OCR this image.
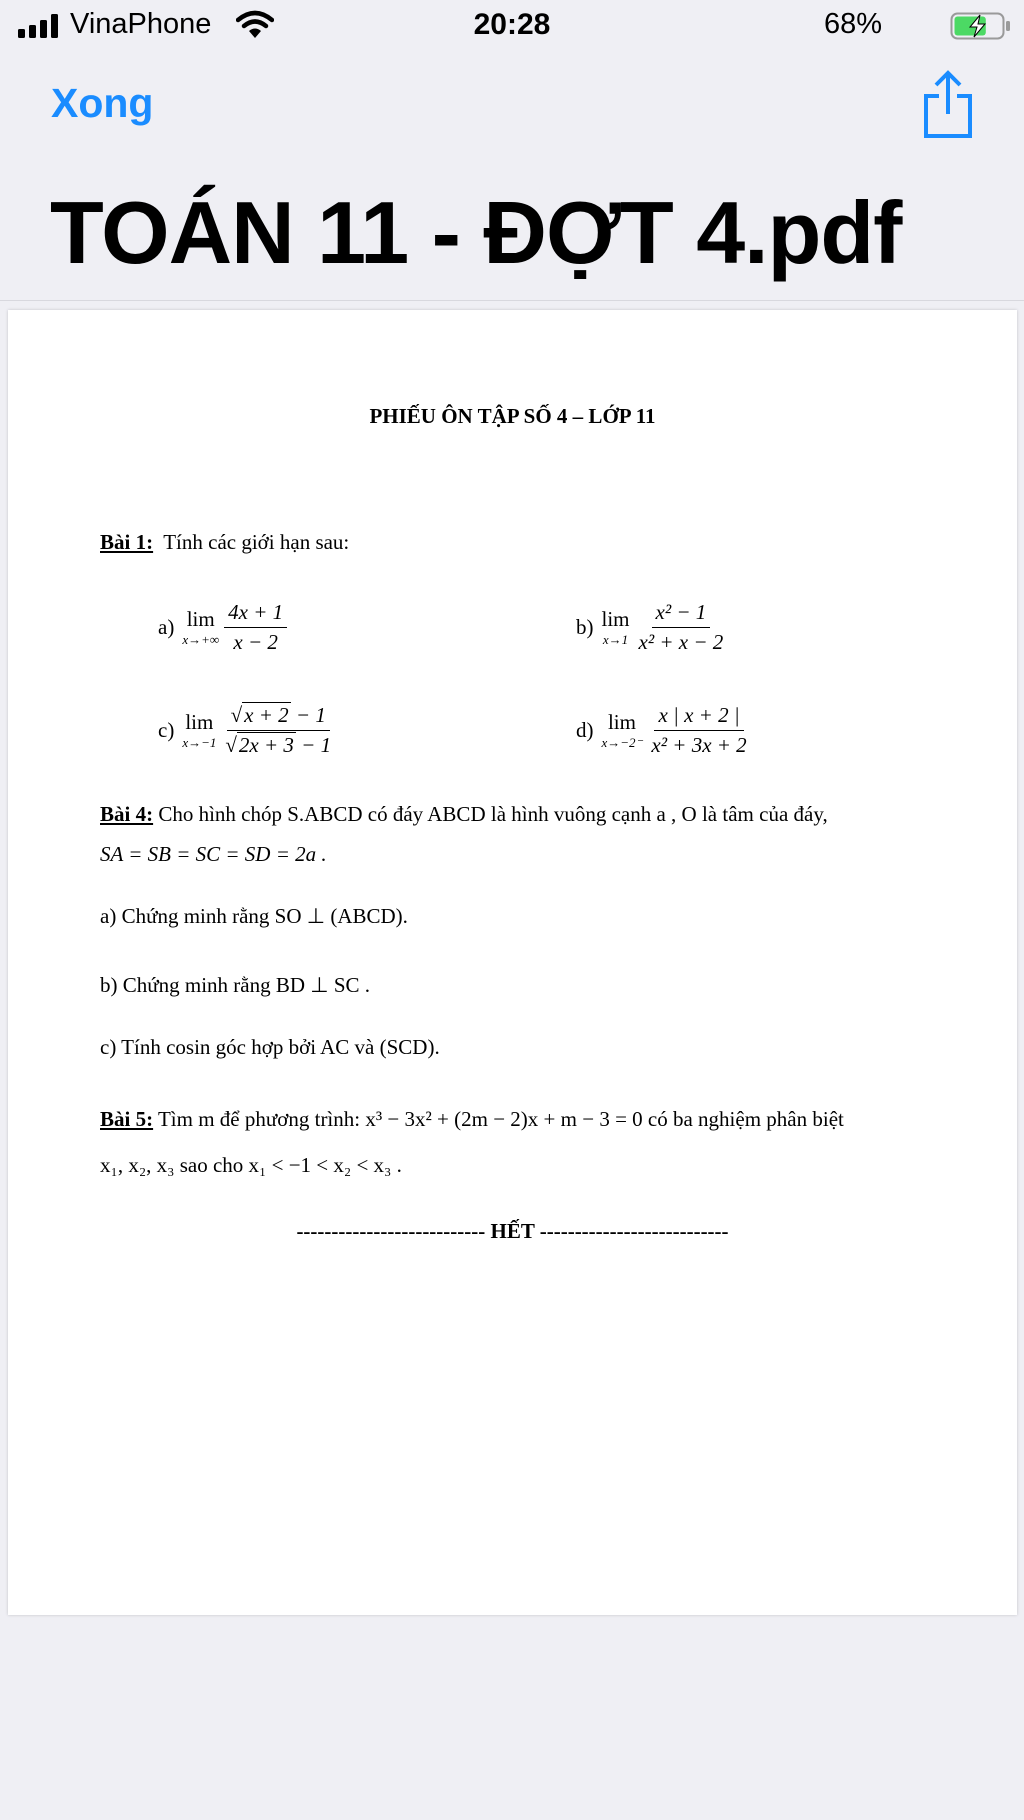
VinaPhone	20:28	68%
Xong
TOÁN 11 - ĐỢT 4.pdf
PHIẾU ÔN TẬP SỐ 4 – LỚP 11
Bài 1: Tính các giới hạn sau:
a) lim
$x\to+\infty \frac{4x + 1}{x - 2}$	b) lim
$x\to 1 \frac{\text{x² − 1}}{\text{x² + x − 2}}$
c) lim
$x\to-1 \frac{√x + 2 - 1}{√2x + 3 - 1}$	d) lim
$x\to-2^- \frac{x | x + 2 |}{\text{x² + 3x + 2}}$
Bài 4: Cho hình chóp S.ABCD có đáy ABCD là hình vuông cạnh a , O là tâm của đáy,
SA = SB = SC = SD = 2a .
a) Chứng minh rằng SO ⊥ (ABCD).
b) Chứng minh rằng BD ⊥ SC .
c) Tính cosin góc hợp bởi AC và (SCD).
Bài 5: Tìm m để phương trình: x³ − 3x² + (2m − 2)x + m − 3 = 0 có ba nghiệm phân biệt
x₁, x₂, x₃ sao cho x₁ < −1 < x₂ < x₃ .
--------------------------- HẾT ---------------------------
